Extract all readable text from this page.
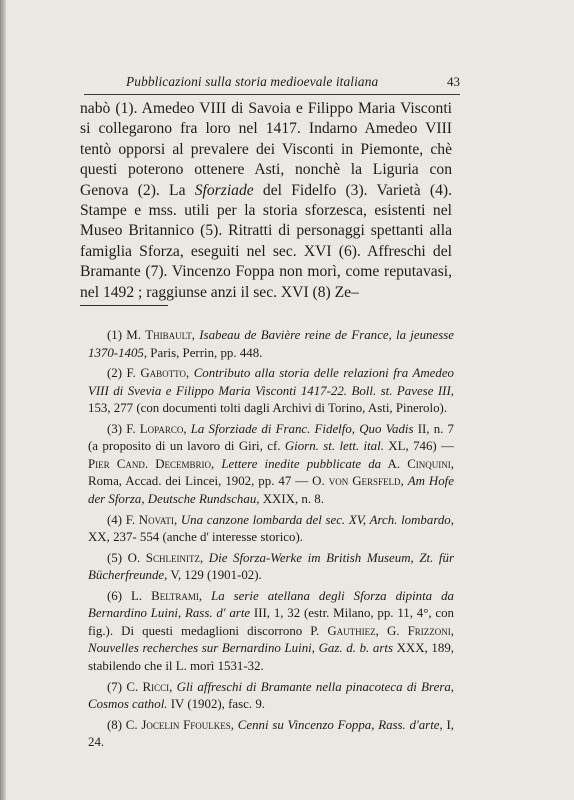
Pubblicazioni sulla storia medioevale italiana	43

nabò (1). Amedeo VIII di Savoia e Filippo Maria Visconti si collegarono fra loro nel 1417. Indarno Amedeo VIII tentò opporsi al prevalere dei Visconti in Piemonte, chè questi poterono ottenere Asti, nonchè la Liguria con Genova (2). La Sforziade del Fidelfo (3). Varietà (4). Stampe e mss. utili per la storia sforzesca, esistenti nel Museo Britannico (5). Ritratti di personaggi spettanti alla famiglia Sforza, eseguiti nel sec. XVI (6). Affreschi del Bramante (7). Vincenzo Foppa non morì, come reputavasi, nel 1492 ; raggiunse anzi il sec. XVI (8) Ze–

(1) M. Thibault, Isabeau de Bavière reine de France, la jeunesse 1370-1405, Paris, Perrin, pp. 448.

(2) F. Gabotto, Contributo alla storia delle relazioni fra Amedeo VIII di Svevia e Filippo Maria Visconti 1417-22. Boll. st. Pavese III, 153, 277 (con documenti tolti dagli Archivi di Torino, Asti, Pinerolo).

(3) F. Loparco, La Sforziade di Franc. Fidelfo, Quo Vadis II, n. 7 (a proposito di un lavoro di Giri, cf. Giorn. st. lett. ital. XL, 746) — Pier Cand. Decembrio, Lettere inedite pubblicate da A. Cinquini, Roma, Accad. dei Lincei, 1902, pp. 47 — O. von Gersfeld, Am Hofe der Sforza, Deutsche Rundschau, XXIX, n. 8.

(4) F. Novati, Una canzone lombarda del sec. XV, Arch. lombardo, XX, 237- 554 (anche d' interesse storico).

(5) O. Schleinitz, Die Sforza-Werke im British Museum, Zt. für Bücherfreunde, V, 129 (1901-02).

(6) L. Beltrami, La serie atellana degli Sforza dipinta da Bernardino Luini, Rass. d' arte III, 1, 32 (estr. Milano, pp. 11, 4°, con fig.). Di questi medaglioni discorrono P. Gauthiez, G. Frizzoni, Nouvelles recherches sur Bernardino Luini, Gaz. d. b. arts XXX, 189, stabilendo che il L. morì 1531-32.

(7) C. Ricci, Gli affreschi di Bramante nella pinacoteca di Brera, Cosmos cathol. IV (1902), fasc. 9.

(8) C. Jocelin Ffoulkes, Cenni su Vincenzo Foppa, Rass. d'arte, I, 24.
